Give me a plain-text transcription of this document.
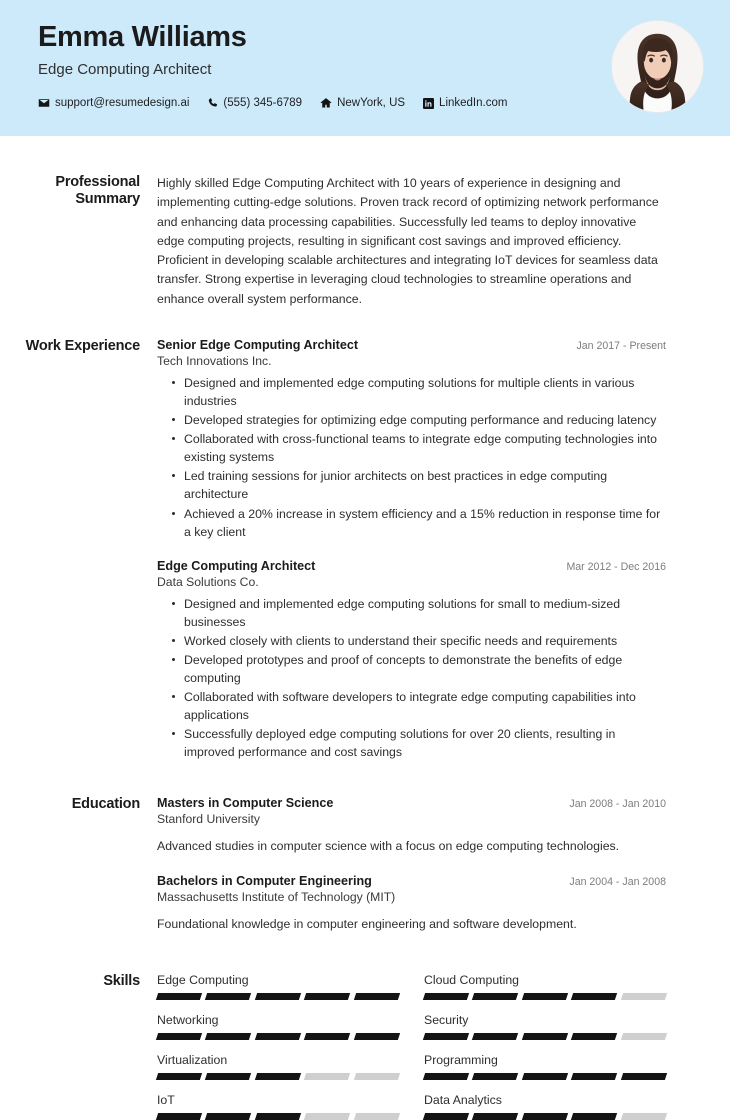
Emma Williams
Edge Computing Architect
support@resumedesign.ai	(555) 345-6789	NewYork, US	LinkedIn.com
Professional Summary
Highly skilled Edge Computing Architect with 10 years of experience in designing and implementing cutting-edge solutions. Proven track record of optimizing network performance and enhancing data processing capabilities. Successfully led teams to deploy innovative edge computing projects, resulting in significant cost savings and improved efficiency. Proficient in developing scalable architectures and integrating IoT devices for seamless data transfer. Strong expertise in leveraging cloud technologies to streamline operations and enhance overall system performance.
Work Experience	Senior Edge Computing Architect	Jan 2017 - Present
Tech Innovations Inc.
Designed and implemented edge computing solutions for multiple clients in various industries
Developed strategies for optimizing edge computing performance and reducing latency
Collaborated with cross-functional teams to integrate edge computing technologies into existing systems
Led training sessions for junior architects on best practices in edge computing architecture
Achieved a 20% increase in system efficiency and a 15% reduction in response time for a key client
Edge Computing Architect	Mar 2012 - Dec 2016
Data Solutions Co.
Designed and implemented edge computing solutions for small to medium-sized businesses
Worked closely with clients to understand their specific needs and requirements
Developed prototypes and proof of concepts to demonstrate the benefits of edge computing
Collaborated with software developers to integrate edge computing capabilities into applications
Successfully deployed edge computing solutions for over 20 clients, resulting in improved performance and cost savings
Education	Masters in Computer Science	Jan 2008 - Jan 2010
Stanford University
Advanced studies in computer science with a focus on edge computing technologies.
Bachelors in Computer Engineering	Jan 2004 - Jan 2008
Massachusetts Institute of Technology (MIT)
Foundational knowledge in computer engineering and software development.
Skills	Edge Computing	Cloud Computing
Networking	Security
Virtualization	Programming
IoT	Data Analytics
